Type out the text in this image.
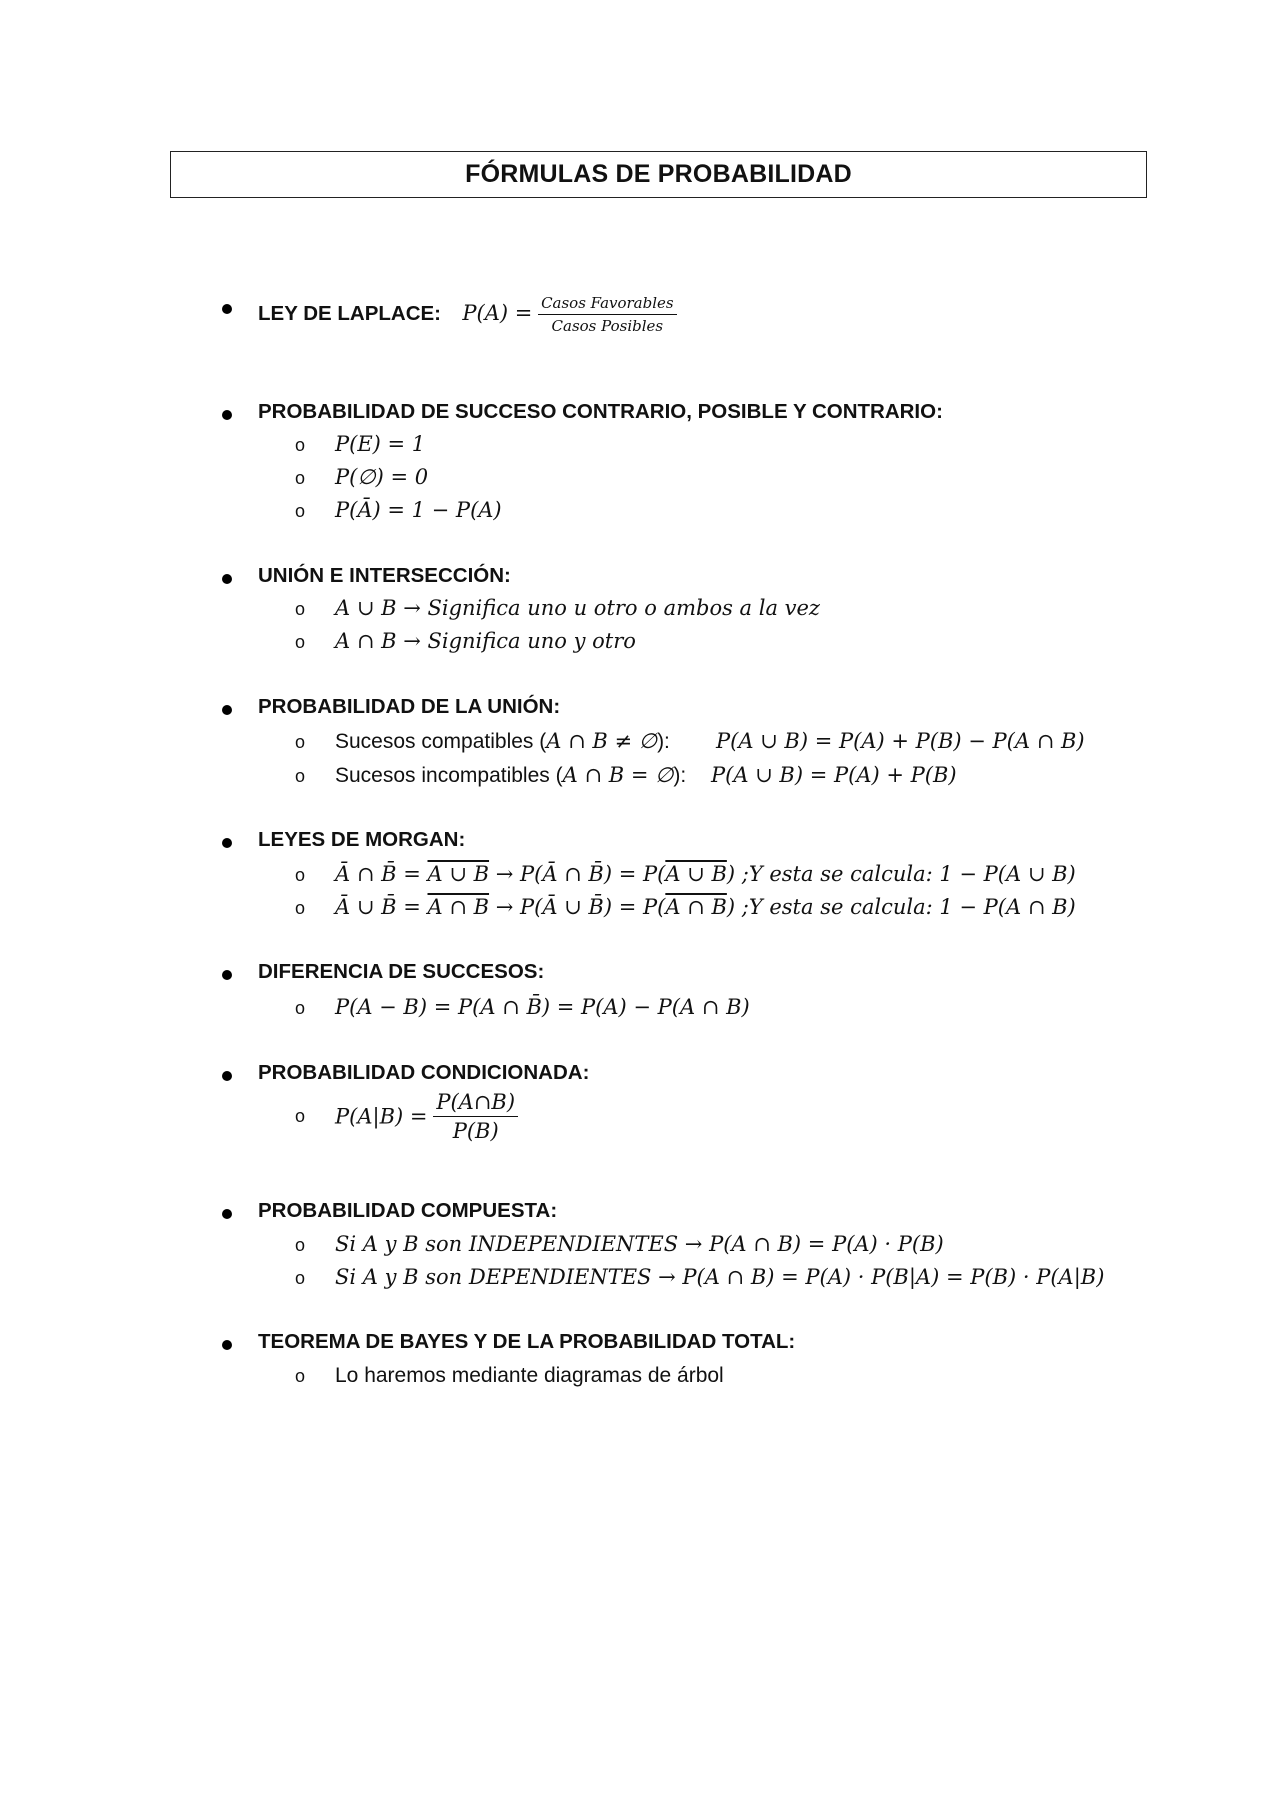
FÓRMULAS DE PROBABILIDAD
LEY DE LAPLACE: $P(A) = \frac{\text{Casos Favorables}}{\text{Casos Posibles}}$
PROBABILIDAD DE SUCCESO CONTRARIO, POSIBLE Y CONTRARIO:
o P(E) = 1
o P(∅) = 0
o P(Ā) = 1 − P(A)
UNIÓN E INTERSECCIÓN:
o A ∪ B → Significa uno u otro o ambos a la vez
o A ∩ B → Significa uno y otro
PROBABILIDAD DE LA UNIÓN:
o Sucesos compatibles (A ∩ B ≠ ∅): P(A ∪ B) = P(A) + P(B) − P(A ∩ B)
o Sucesos incompatibles (A ∩ B = ∅): P(A ∪ B) = P(A) + P(B)
LEYES DE MORGAN:
o Ā ∩ B̄ = A ∪ B → P(Ā ∩ B̄) = P(A ∪ B) ;Y esta se calcula: 1 − P(A ∪ B)
o Ā ∪ B̄ = A ∩ B → P(Ā ∪ B̄) = P(A ∩ B) ;Y esta se calcula: 1 − P(A ∩ B)
DIFERENCIA DE SUCCESOS:
o P(A − B) = P(A ∩ B̄) = P(A) − P(A ∩ B)
PROBABILIDAD CONDICIONADA:
o $P(A|B) = \frac{P(A\cap B)}{P(B)}$
PROBABILIDAD COMPUESTA:
o Si A y B son INDEPENDIENTES → P(A ∩ B) = P(A) · P(B)
o Si A y B son DEPENDIENTES → P(A ∩ B) = P(A) · P(B|A) = P(B) · P(A|B)
TEOREMA DE BAYES Y DE LA PROBABILIDAD TOTAL:
o Lo haremos mediante diagramas de árbol
